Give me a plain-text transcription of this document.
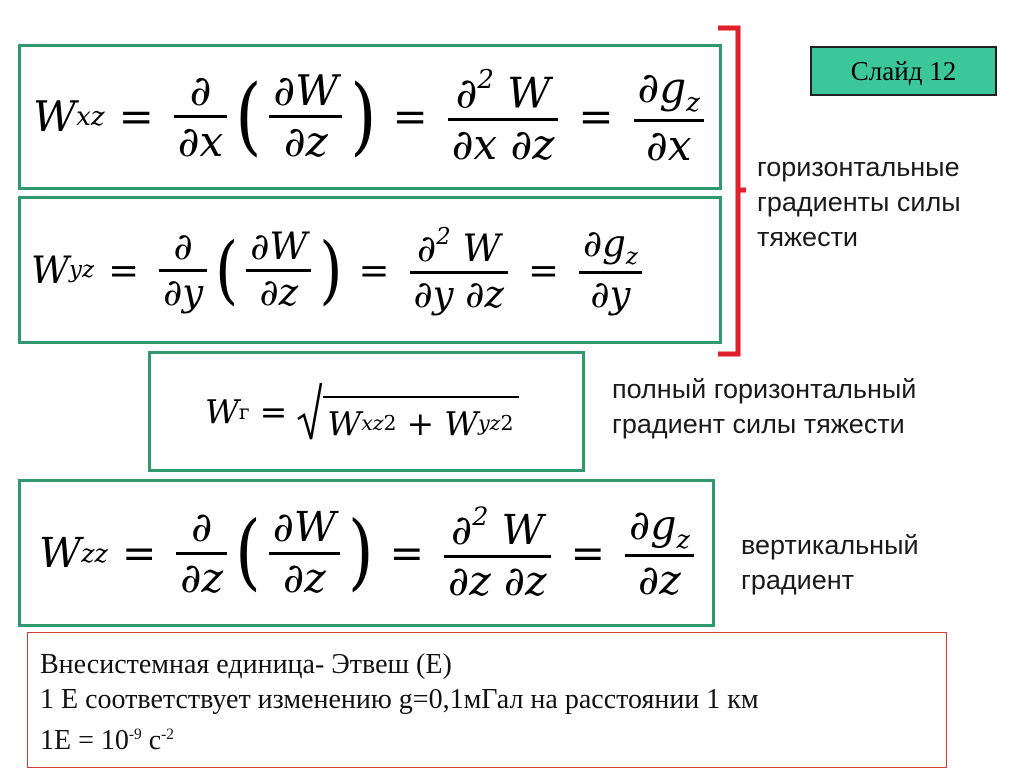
W xz = $\frac{\partial}{\partial x}$ ( $\frac{\partial W}{\partial z}$ ) = $\frac{\partial^2 W}{\partial x \partial z} = \frac{\partial g_z}{\partial x}$
W yz = $\frac{\partial}{\partial y}$ ( $\frac{\partial W}{\partial z}$ ) = $\frac{\partial^2 W}{\partial y \partial z} = \frac{\partial g_z}{\partial y}$
Слайд 12
горизонтальные
градиенты силы
тяжести
W г = W xz 2 + W yz 2
полный горизонтальный
градиент силы тяжести
W zz = $\frac{\partial}{\partial z}$ ( $\frac{\partial W}{\partial z}$ ) = $\frac{\partial^2 W}{\partial z \partial z} = \frac{\partial g_z}{\partial z}$ вертикальный
градиент
Внесистемная единица- Этвеш (Е)
1 Е соответствует изменению g=0,1мГал на расстоянии 1 км
$1Е = 10^{-9}$ $с^{-2}$
